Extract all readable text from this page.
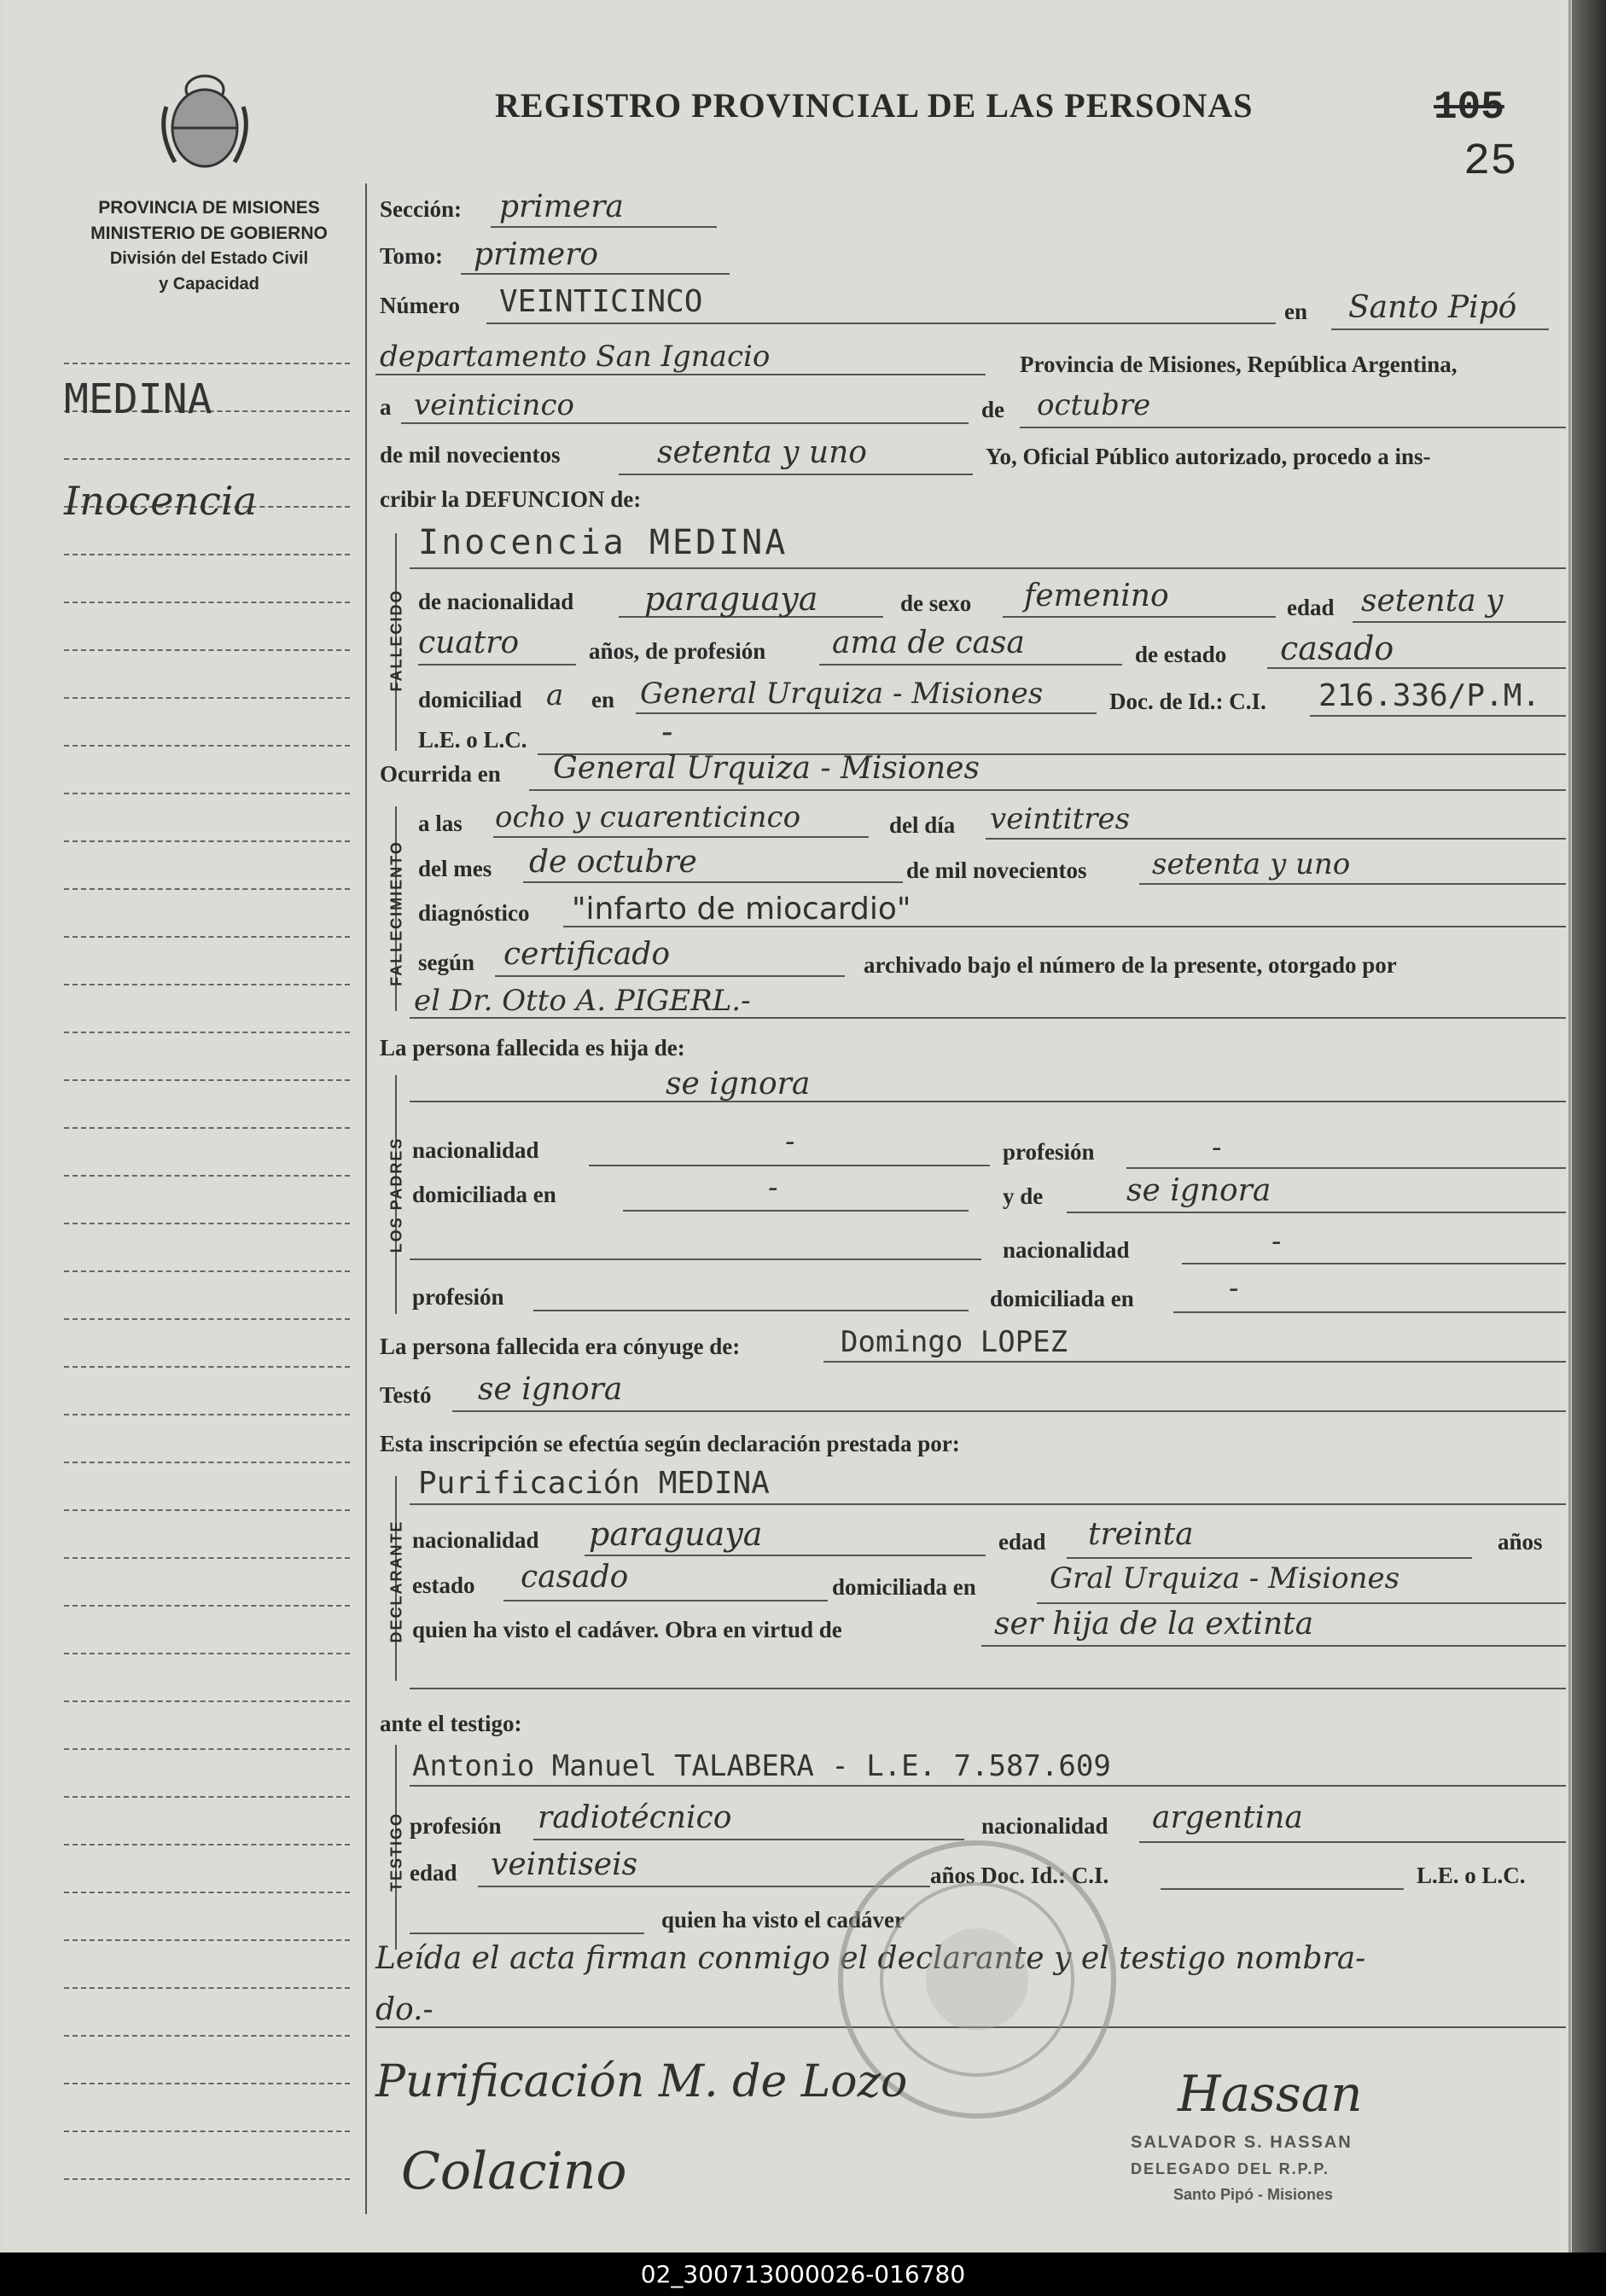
PROVINCIA DE MISIONES
MINISTERIO DE GOBIERNO
División del Estado Civil
y Capacidad
REGISTRO PROVINCIAL DE LAS PERSONAS	105
25
MEDINA
Inocencia
Sección: primera
Tomo: primero
Número VEINTICINCO	en Santo Pipó
departamento San Ignacio	Provincia de Misiones, República Argentina,
a veinticinco	de octubre
de mil novecientos	setenta y uno	Yo, Oficial Público autorizado, procedo a ins-
cribir la DEFUNCION de:
FALLECIDO
Inocencia MEDINA
de nacionalidad paraguaya	de sexo femenino	edad setenta y
cuatro	años, de profesión ama de casa	de estado casado
domiciliad a en General Urquiza - Misiones	Doc. de Id.: C.I. 216.336/P.M.
L.E. o L.C.	-
Ocurrida en General Urquiza - Misiones
FALLECIMIENTO
a las ocho y cuarenticinco	del día veintitres
del mes de octubre	de mil novecientos setenta y uno
diagnóstico "infarto de miocardio"
según certificado	archivado bajo el número de la presente, otorgado por
el Dr. Otto A. PIGERL.-
La persona fallecida es hija de:
LOS PADRES
se ignora
nacionalidad	-	profesión	-
domiciliada en	-	y de	se ignora
nacionalidad	-
profesión	domiciliada en	-
La persona fallecida era cónyuge de:	Domingo LOPEZ
Testó se ignora
Esta inscripción se efectúa según declaración prestada por:
DECLARANTE
Purificación MEDINA
nacionalidad paraguaya	edad treinta	años
estado casado	domiciliada en	Gral Urquiza - Misiones
quien ha visto el cadáver. Obra en virtud de	ser hija de la extinta
ante el testigo:
TESTIGO
Antonio Manuel TALABERA - L.E. 7.587.609
profesión radiotécnico	nacionalidad argentina
edad veintiseis	años Doc. Id.: C.I.	L.E. o L.C.
quien ha visto el cadáver
Leída el acta firman conmigo el declarante y el testigo nombra-
do.-
Purificación M. de Lozo
Colacino
Hassan
SALVADOR S. HASSAN
DELEGADO DEL R.P.P.
Santo Pipó - Misiones
02_300713000026-016780
